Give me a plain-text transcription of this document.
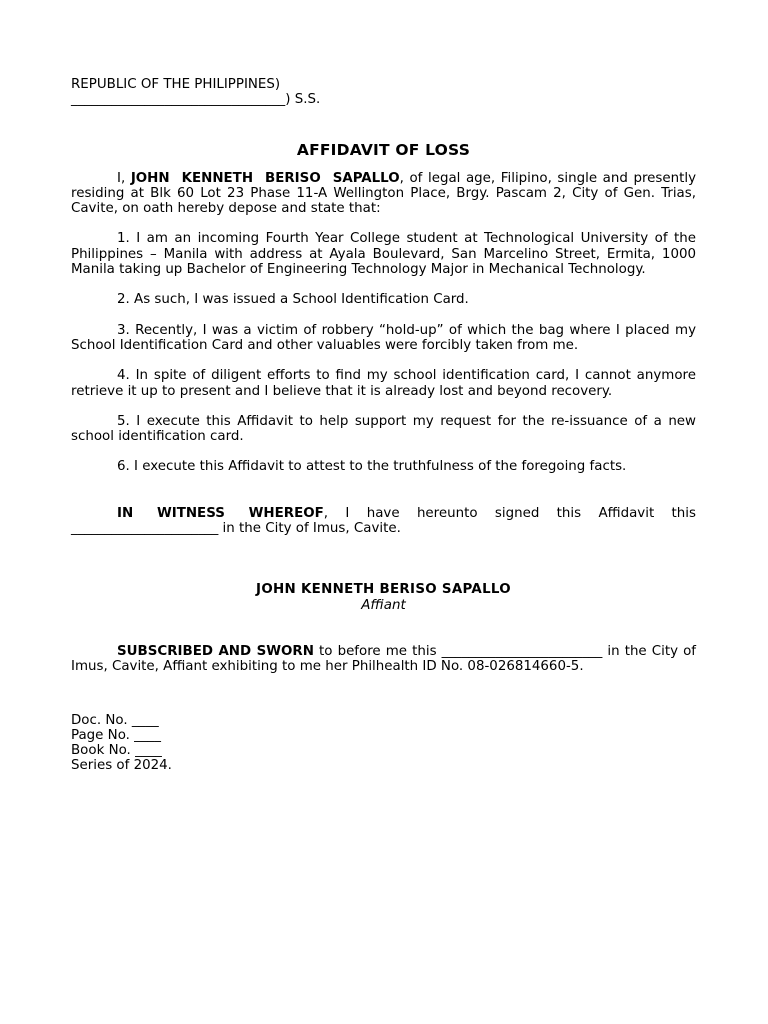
REPUBLIC OF THE PHILIPPINES)

________________________________) S.S.

AFFIDAVIT OF LOSS

I, JOHN KENNETH BERISO SAPALLO, of legal age, Filipino, single and presently residing at Blk 60 Lot 23 Phase 11-A Wellington Place, Brgy. Pascam 2, City of Gen. Trias, Cavite, on oath hereby depose and state that:

1. I am an incoming Fourth Year College student at Technological University of the Philippines – Manila with address at Ayala Boulevard, San Marcelino Street, Ermita, 1000 Manila taking up Bachelor of Engineering Technology Major in Mechanical Technology.

2. As such, I was issued a School Identification Card.

3. Recently, I was a victim of robbery “hold-up” of which the bag where I placed my School Identification Card and other valuables were forcibly taken from me.

4. In spite of diligent efforts to find my school identification card, I cannot anymore retrieve it up to present and I believe that it is already lost and beyond recovery.

5. I execute this Affidavit to help support my request for the re-issuance of a new school identification card.

6. I execute this Affidavit to attest to the truthfulness of the foregoing facts.

IN WITNESS WHEREOF, I have hereunto signed this Affidavit this ______________________ in the City of Imus, Cavite.

JOHN KENNETH BERISO SAPALLO
Affiant

SUBSCRIBED AND SWORN to before me this ________________________ in the City of Imus, Cavite, Affiant exhibiting to me her Philhealth ID No. 08-026814660-5.

Doc. No. ____

Page No. ____

Book No. ____

Series of 2024.
